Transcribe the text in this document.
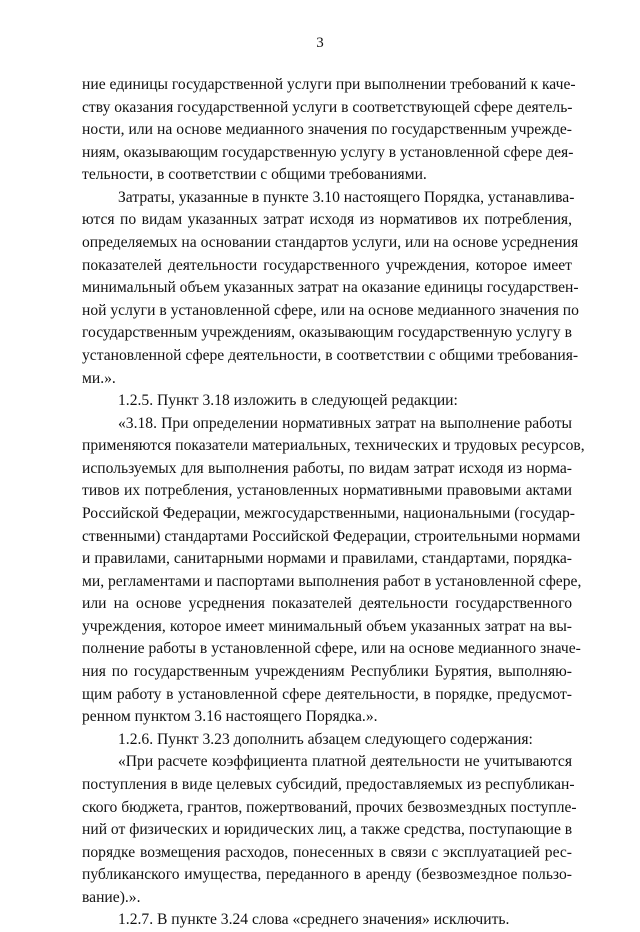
3
ние единицы государственной услуги при выполнении требований к каче-
ству оказания государственной услуги в соответствующей сфере деятель-
ности, или на основе медианного значения по государственным учрежде-
ниям, оказывающим государственную услугу в установленной сфере дея-
тельности, в соответствии с общими требованиями.
Затраты, указанные в пункте 3.10 настоящего Порядка, устанавлива-
ются по видам указанных затрат исходя из нормативов их потребления,
определяемых на основании стандартов услуги, или на основе усреднения
показателей деятельности государственного учреждения, которое имеет
минимальный объем указанных затрат на оказание единицы государствен-
ной услуги в установленной сфере, или на основе медианного значения по
государственным учреждениям, оказывающим государственную услугу в
установленной сфере деятельности, в соответствии с общими требования-
ми.».
1.2.5. Пункт 3.18 изложить в следующей редакции:
«3.18. При определении нормативных затрат на выполнение работы
применяются показатели материальных, технических и трудовых ресурсов,
используемых для выполнения работы, по видам затрат исходя из норма-
тивов их потребления, установленных нормативными правовыми актами
Российской Федерации, межгосударственными, национальными (государ-
ственными) стандартами Российской Федерации, строительными нормами
и правилами, санитарными нормами и правилами, стандартами, порядка-
ми, регламентами и паспортами выполнения работ в установленной сфере,
или на основе усреднения показателей деятельности государственного
учреждения, которое имеет минимальный объем указанных затрат на вы-
полнение работы в установленной сфере, или на основе медианного значе-
ния по государственным учреждениям Республики Бурятия, выполняю-
щим работу в установленной сфере деятельности, в порядке, предусмот-
ренном пунктом 3.16 настоящего Порядка.».
1.2.6. Пункт 3.23 дополнить абзацем следующего содержания:
«При расчете коэффициента платной деятельности не учитываются
поступления в виде целевых субсидий, предоставляемых из республикан-
ского бюджета, грантов, пожертвований, прочих безвозмездных поступле-
ний от физических и юридических лиц, а также средства, поступающие в
порядке возмещения расходов, понесенных в связи с эксплуатацией рес-
публиканского имущества, переданного в аренду (безвозмездное пользо-
вание).».
1.2.7. В пункте 3.24 слова «среднего значения» исключить.
